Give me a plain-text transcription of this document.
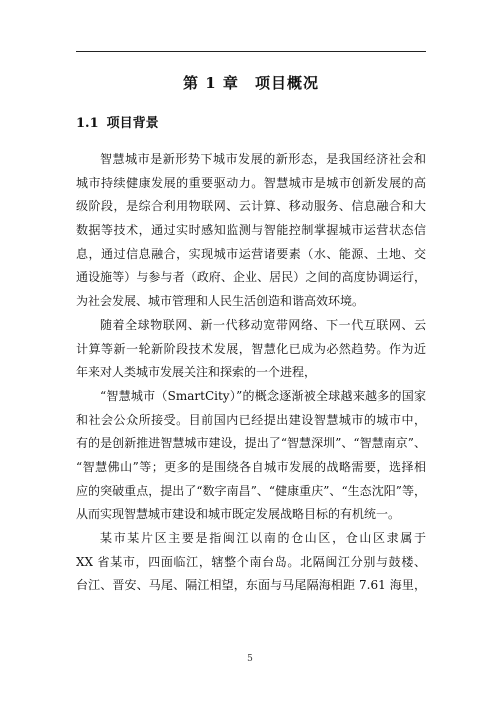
第 1 章 项目概况
1.1 项目背景
智慧城市是新形势下城市发展的新形态，是我国经济社会和
城市持续健康发展的重要驱动力。智慧城市是城市创新发展的高
级阶段，是综合利用物联网、云计算、移动服务、信息融合和大
数据等技术，通过实时感知监测与智能控制掌握城市运营状态信
息，通过信息融合，实现城市运营诸要素（水、能源、土地、交
通设施等）与参与者（政府、企业、居民）之间的高度协调运行，
为社会发展、城市管理和人民生活创造和谐高效环境。
随着全球物联网、新一代移动宽带网络、下一代互联网、云
计算等新一轮新阶段技术发展，智慧化已成为必然趋势。作为近
年来对人类城市发展关注和探索的一个进程，
“智慧城市（SmartCity）”的概念逐渐被全球越来越多的国家
和社会公众所接受。目前国内已经提出建设智慧城市的城市中，
有的是创新推进智慧城市建设，提出了“智慧深圳”、“智慧南京”、
“智慧佛山”等；更多的是围绕各自城市发展的战略需要，选择相
应的突破重点，提出了“数字南昌”、“健康重庆”、“生态沈阳”等，
从而实现智慧城市建设和城市既定发展战略目标的有机统一。
某市某片区主要是指闽江以南的仓山区，仓山区隶属于
XX 省某市，四面临江，辖整个南台岛。北隔闽江分别与鼓楼、
台江、晋安、马尾、隔江相望，东面与马尾隔海相距 7.61 海里，
5
